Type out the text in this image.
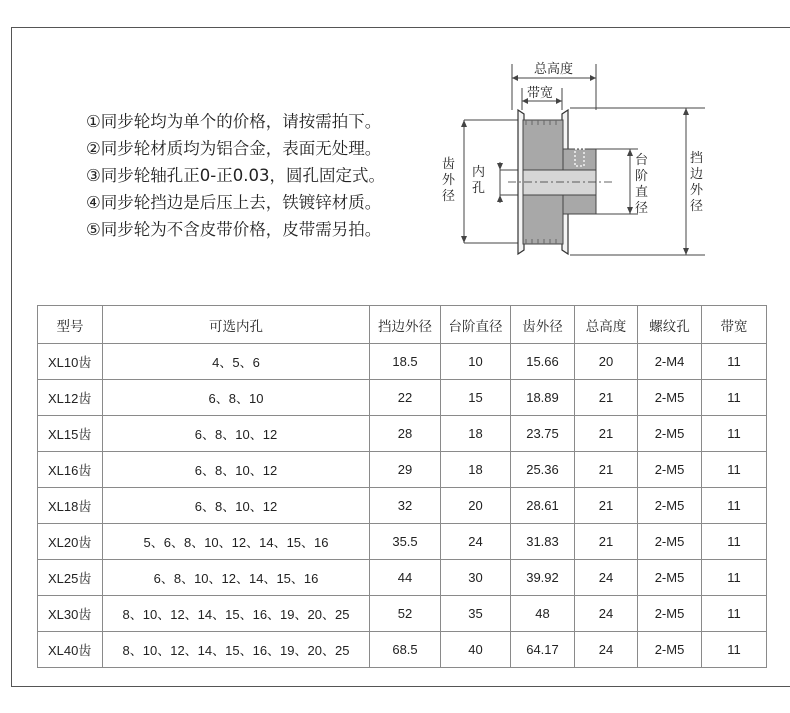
①同步轮均为单个的价格，请按需拍下。
②同步轮材质均为铝合金，表面无处理。
③同步轮轴孔正0-正0.03，圆孔固定式。
④同步轮挡边是后压上去，铁镀锌材质。
⑤同步轮为不含皮带价格，皮带需另拍。
总高度
带宽
齿
外
径
内
孔
台
阶
直
径
挡
边
外
径
型号	可选内孔	挡边外径	台阶直径	齿外径	总高度	螺纹孔	带宽
XL10齿	4、5、6	18.5	10	15.66	20	2-M4	11
XL12齿	6、8、10	22	15	18.89	21	2-M5	11
XL15齿	6、8、10、12	28	18	23.75	21	2-M5	11
XL16齿	6、8、10、12	29	18	25.36	21	2-M5	11
XL18齿	6、8、10、12	32	20	28.61	21	2-M5	11
XL20齿	5、6、8、10、12、14、15、16	35.5	24	31.83	21	2-M5	11
XL25齿	6、8、10、12、14、15、16	44	30	39.92	24	2-M5	11
XL30齿	8、10、12、14、15、16、19、20、25	52	35	48	24	2-M5	11
XL40齿	8、10、12、14、15、16、19、20、25	68.5	40	64.17	24	2-M5	11
